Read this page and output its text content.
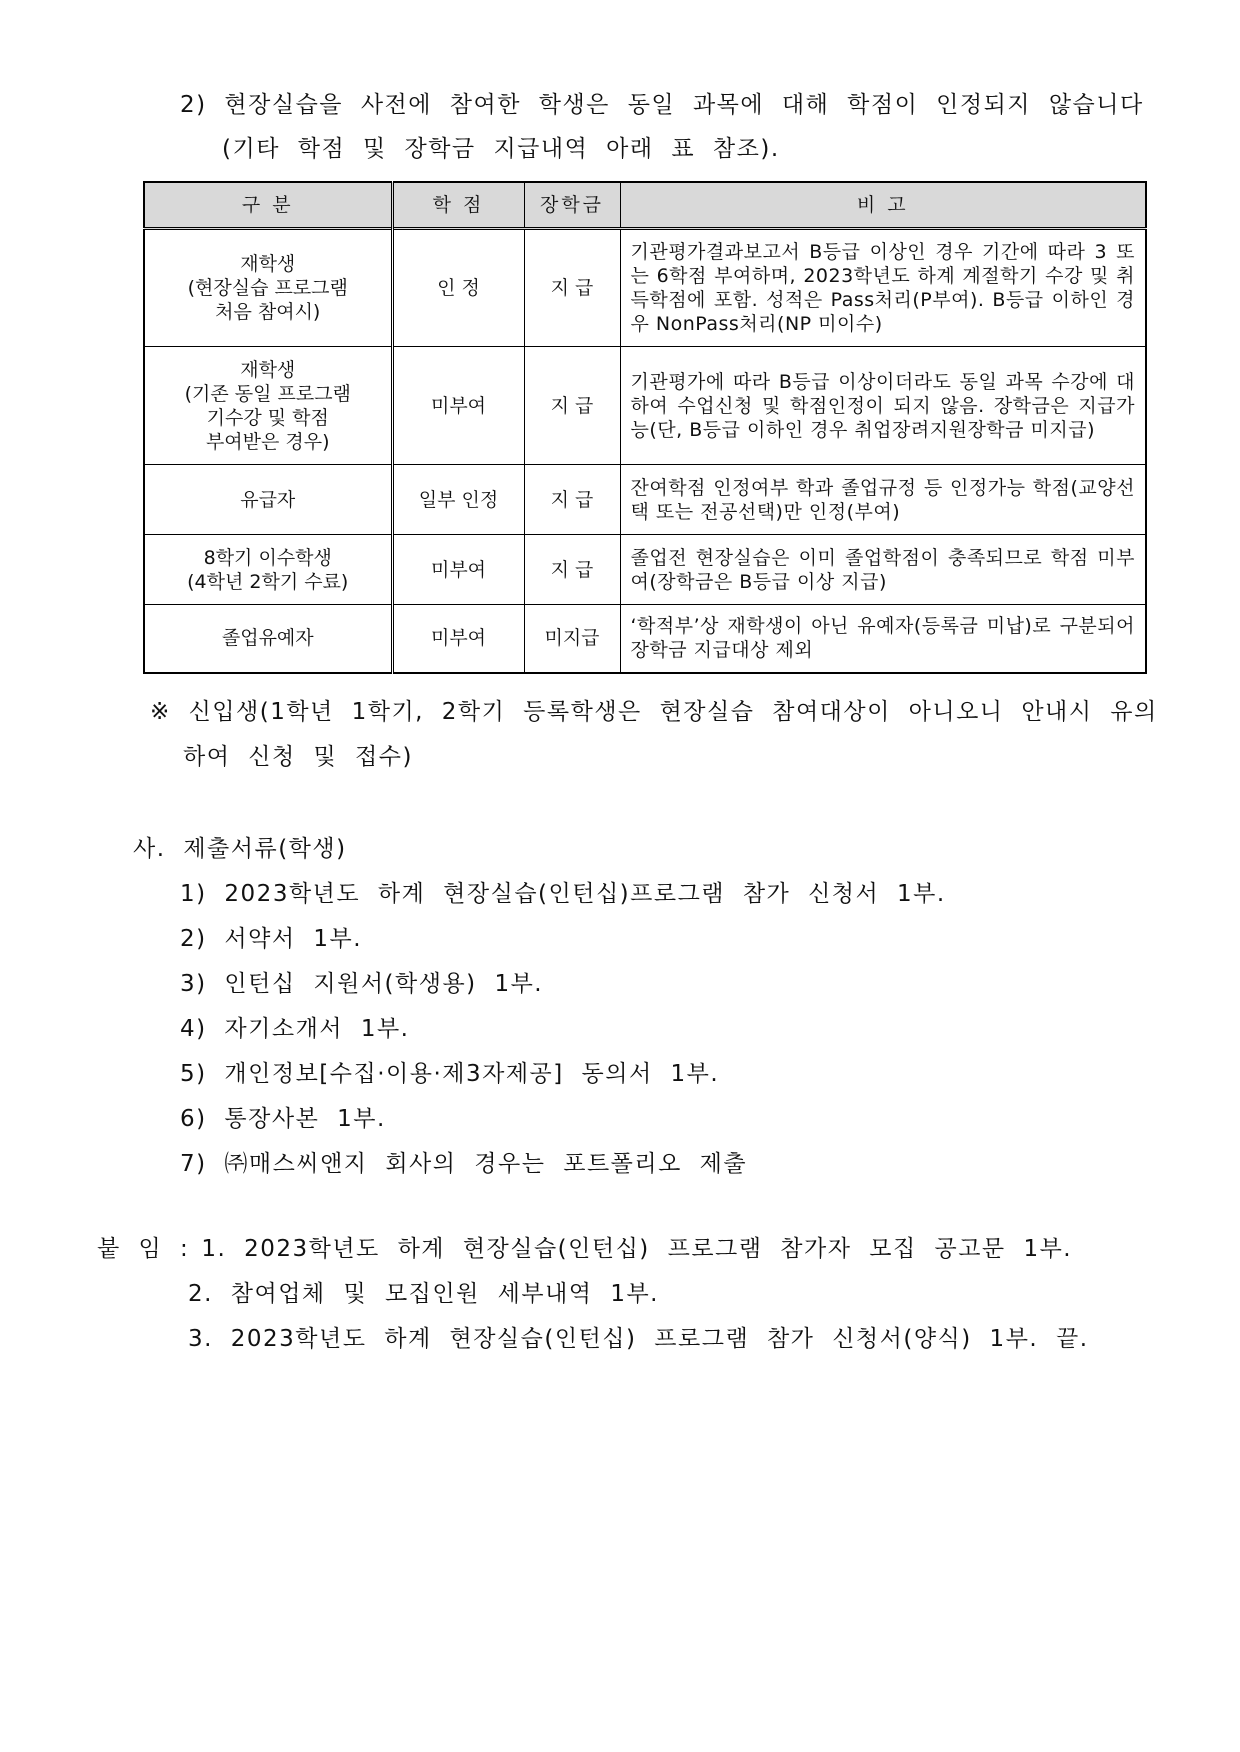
2) 현장실습을 사전에 참여한 학생은 동일 과목에 대해 학점이 인정되지 않습니다
(기타 학점 및 장학금 지급내역 아래 표 참조).
구 분	학 점	장학금	비 고

재학생
(현장실습 프로그램
처음 참여시)	인 정	지 급	기관평가결과보고서 B등급 이상인 경우 기간에 따라 3 또는 6학점 부여하며, 2023학년도 하계 계절학기 수강 및 취득학점에 포함. 성적은 Pass처리(P부여). B등급 이하인 경우 NonPass처리(NP 미이수)

재학생
(기존 동일 프로그램
기수강 및 학점
부여받은 경우)	미부여	지 급	기관평가에 따라 B등급 이상이더라도 동일 과목 수강에 대하여 수업신청 및 학점인정이 되지 않음. 장학금은 지급가능(단, B등급 이하인 경우 취업장려지원장학금 미지급)

유급자	일부 인정	지 급	잔여학점 인정여부 학과 졸업규정 등 인정가능 학점(교양선택 또는 전공선택)만 인정(부여)

8학기 이수학생
(4학년 2학기 수료)	미부여	지 급	졸업전 현장실습은 이미 졸업학점이 충족되므로 학점 미부여(장학금은 B등급 이상 지급)

졸업유예자	미부여	미지급	‘학적부’상 재학생이 아닌 유예자(등록금 미납)로 구분되어 장학금 지급대상 제외
※ 신입생(1학년 1학기, 2학기 등록학생은 현장실습 참여대상이 아니오니 안내시 유의
하여 신청 및 접수)
사. 제출서류(학생)
1) 2023학년도 하계 현장실습(인턴십)프로그램 참가 신청서 1부.
2) 서약서 1부.
3) 인턴십 지원서(학생용) 1부.
4) 자기소개서 1부.
5) 개인정보[수집·이용·제3자제공] 동의서 1부.
6) 통장사본 1부.
7) ㈜매스씨앤지 회사의 경우는 포트폴리오 제출
붙 임 : 1. 2023학년도 하계 현장실습(인턴십) 프로그램 참가자 모집 공고문 1부.
2. 참여업체 및 모집인원 세부내역 1부.
3. 2023학년도 하계 현장실습(인턴십) 프로그램 참가 신청서(양식) 1부. 끝.
